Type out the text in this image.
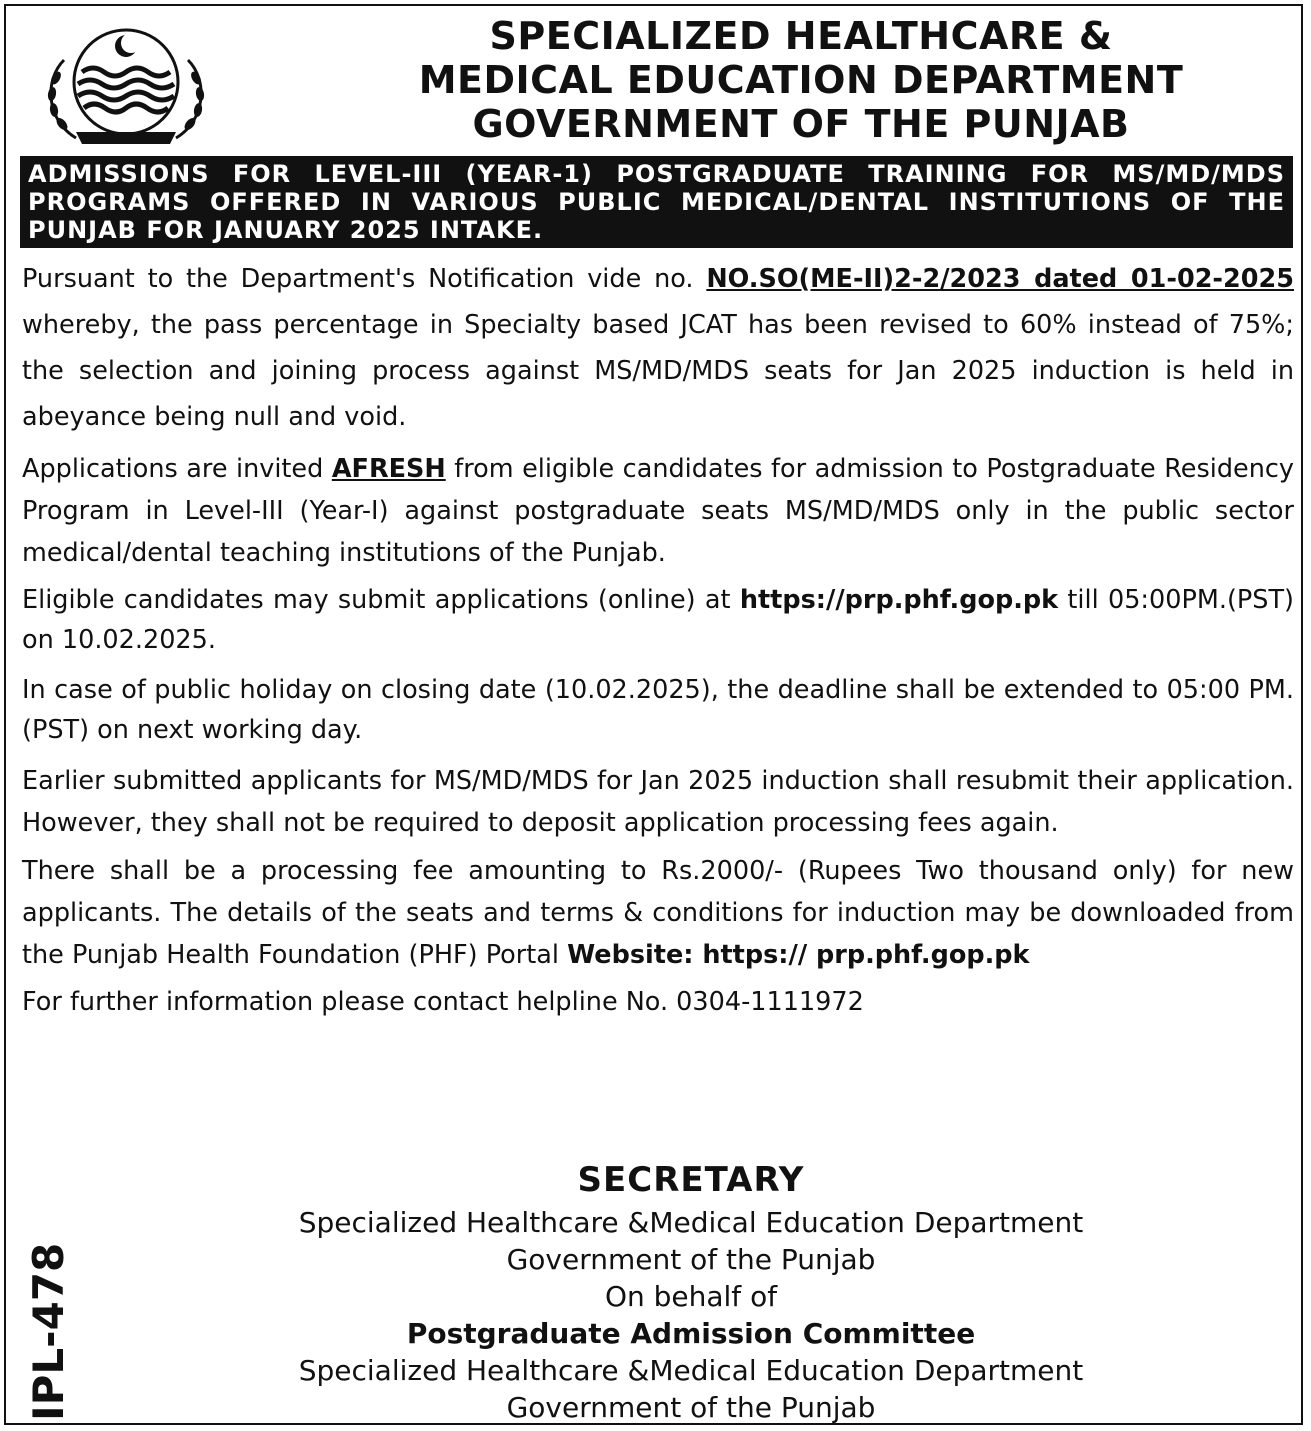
SPECIALIZED HEALTHCARE &
MEDICAL EDUCATION DEPARTMENT
GOVERNMENT OF THE PUNJAB
ADMISSIONS FOR LEVEL-III (YEAR-1) POSTGRADUATE TRAINING FOR MS/MD/MDS PROGRAMS OFFERED IN VARIOUS PUBLIC MEDICAL/DENTAL INSTITUTIONS OF THE PUNJAB FOR JANUARY 2025 INTAKE.

Pursuant to the Department's Notification vide no. NO.SO(ME-II)2-2/2023 dated 01-02-2025 whereby, the pass percentage in Specialty based JCAT has been revised to 60% instead of 75%; the selection and joining process against MS/MD/MDS seats for Jan 2025 induction is held in abeyance being null and void.

Applications are invited AFRESH from eligible candidates for admission to Postgraduate Residency Program in Level-III (Year-I) against postgraduate seats MS/MD/MDS only in the public sector medical/dental teaching institutions of the Punjab.

Eligible candidates may submit applications (online) at https://prp.phf.gop.pk till 05:00PM.(PST) on 10.02.2025.

In case of public holiday on closing date (10.02.2025), the deadline shall be extended to 05:00 PM.(PST) on next working day.

Earlier submitted applicants for MS/MD/MDS for Jan 2025 induction shall resubmit their application. However, they shall not be required to deposit application processing fees again.

There shall be a processing fee amounting to Rs.2000/- (Rupees Two thousand only) for new applicants. The details of the seats and terms & conditions for induction may be downloaded from the Punjab Health Foundation (PHF) Portal Website: https:// prp.phf.gop.pk

For further information please contact helpline No. 0304-1111972

SECRETARY
Specialized Healthcare &Medical Education Department
Government of the Punjab
On behalf of
Postgraduate Admission Committee
Specialized Healthcare &Medical Education Department
Government of the Punjab
IPL-478
